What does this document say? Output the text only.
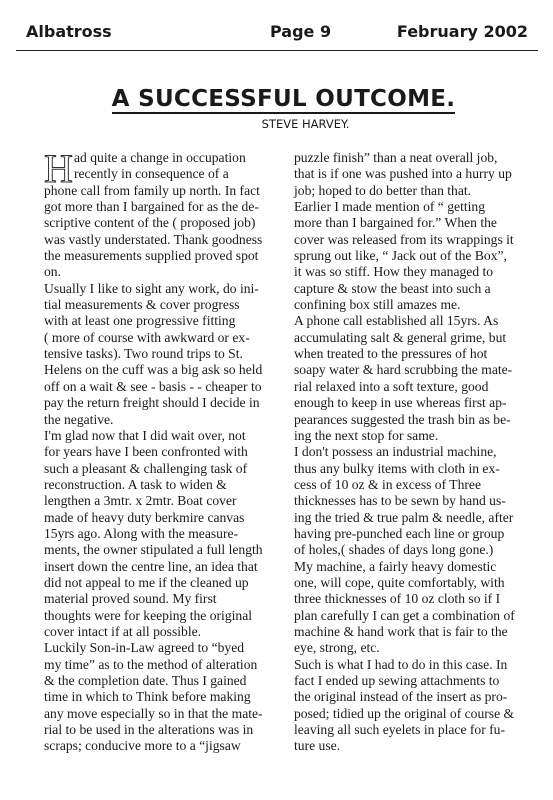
Albatross	Page 9	February 2002
A SUCCESSFUL OUTCOME.
STEVE HARVEY.
H ad quite a change in occupation
recently in consequence of a
phone call from family up north. In fact
got more than I bargained for as the de-
scriptive content of the ( proposed job)
was vastly understated. Thank goodness
the measurements supplied proved spot
on.
Usually I like to sight any work, do ini-
tial measurements & cover progress
with at least one progressive fitting
( more of course with awkward or ex-
tensive tasks). Two round trips to St.
Helens on the cuff was a big ask so held
off on a wait & see - basis - - cheaper to
pay the return freight should I decide in
the negative.
I'm glad now that I did wait over, not
for years have I been confronted with
such a pleasant & challenging task of
reconstruction. A task to widen &
lengthen a 3mtr. x 2mtr. Boat cover
made of heavy duty berkmire canvas
15yrs ago. Along with the measure-
ments, the owner stipulated a full length
insert down the centre line, an idea that
did not appeal to me if the cleaned up
material proved sound. My first
thoughts were for keeping the original
cover intact if at all possible.
Luckily Son-in-Law agreed to “byed
my time” as to the method of alteration
& the completion date. Thus I gained
time in which to Think before making
any move especially so in that the mate-
rial to be used in the alterations was in
scraps; conducive more to a “jigsaw
puzzle finish” than a neat overall job,
that is if one was pushed into a hurry up
job; hoped to do better than that.
Earlier I made mention of “ getting
more than I bargained for.” When the
cover was released from its wrappings it
sprung out like, “ Jack out of the Box”,
it was so stiff. How they managed to
capture & stow the beast into such a
confining box still amazes me.
A phone call established all 15yrs. As
accumulating salt & general grime, but
when treated to the pressures of hot
soapy water & hard scrubbing the mate-
rial relaxed into a soft texture, good
enough to keep in use whereas first ap-
pearances suggested the trash bin as be-
ing the next stop for same.
I don't possess an industrial machine,
thus any bulky items with cloth in ex-
cess of 10 oz & in excess of Three
thicknesses has to be sewn by hand us-
ing the tried & true palm & needle, after
having pre-punched each line or group
of holes,( shades of days long gone.)
My machine, a fairly heavy domestic
one, will cope, quite comfortably, with
three thicknesses of 10 oz cloth so if I
plan carefully I can get a combination of
machine & hand work that is fair to the
eye, strong, etc.
Such is what I had to do in this case. In
fact I ended up sewing attachments to
the original instead of the insert as pro-
posed; tidied up the original of course &
leaving all such eyelets in place for fu-
ture use.
